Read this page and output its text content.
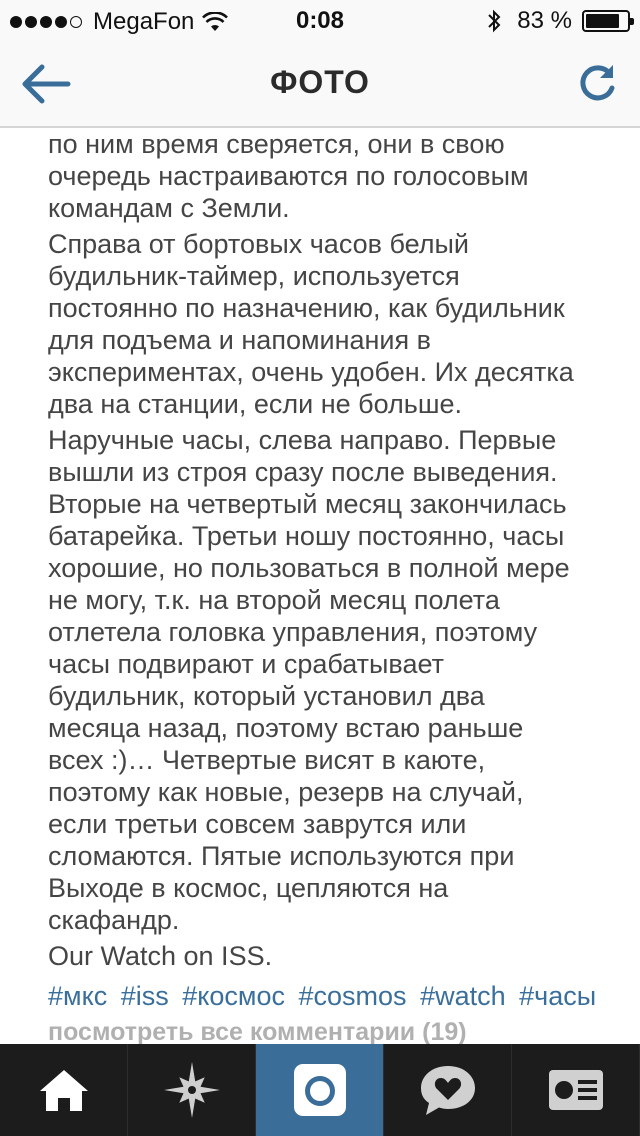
MegaFon	0:08	83 %
ФОТО

по ним время сверяется, они в свою
очередь настраиваются по голосовым
командам с Земли.

Справа от бортовых часов белый
будильник-таймер, используется
постоянно по назначению, как будильник
для подъема и напоминания в
экспериментах, очень удобен. Их десятка
два на станции, если не больше.

Наручные часы, слева направо. Первые
вышли из строя сразу после выведения.
Вторые на четвертый месяц закончилась
батарейка. Третьи ношу постоянно, часы
хорошие, но пользоваться в полной мере
не могу, т.к. на второй месяц полета
отлетела головка управления, поэтому
часы подвирают и срабатывает
будильник, который установил два
месяца назад, поэтому встаю раньше
всех :)… Четвертые висят в каюте,
поэтому как новые, резерв на случай,
если третьи совсем заврутся или
сломаются. Пятые используются при
Выходе в космос, цепляются на
скафандр.

Our Watch on ISS.

#мкс #iss #космос #cosmos #watch #часы
посмотреть все комментарии (19)
